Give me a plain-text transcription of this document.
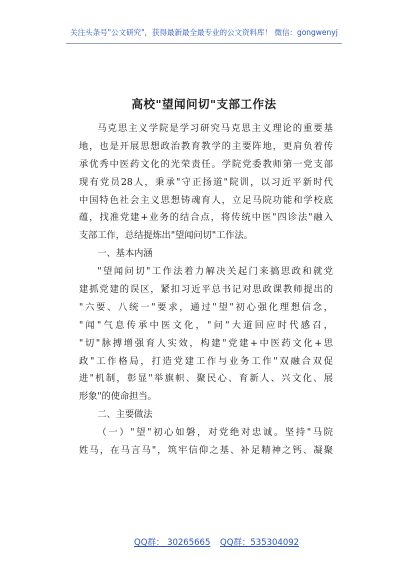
关注头条号"公文研究"，获得最新最全最专业的公文资料库！ 微信：gongwenyj
高校"望闻问切"支部工作法
马克思主义学院是学习研究马克思主义理论的重要基
地，也是开展思想政治教育教学的主要阵地，更肩负着传
承优秀中医药文化的光荣责任。学院党委教师第一党支部
现有党员28人，秉承"守正扬道"院训，以习近平新时代
中国特色社会主义思想铸魂育人，立足马院功能和学校底
蕴，找准党建+业务的结合点，将传统中医"四诊法"融入
支部工作，总结提炼出"望闻问切"工作法。
一、基本内涵
"望闻问切"工作法着力解决关起门来搞思政和就党
建抓党建的误区，紧扣习近平总书记对思政课教师提出的
"六要、八统一"要求，通过"望"初心强化理想信念，
"闻"气息传承中医文化，"问"大道回应时代感召，
"切"脉搏增强育人实效，构建"党建+中医药文化+思
政"工作格局，打造党建工作与业务工作"双融合双促
进"机制，彰显"举旗帜、聚民心、育新人、兴文化、展
形象"的使命担当。
二、主要做法
（一）"望"初心如磐，对党绝对忠诚。坚持"马院
姓马，在马言马"，筑牢信仰之基、补足精神之钙、凝聚
QQ群： 30265665 QQ群：535304092
